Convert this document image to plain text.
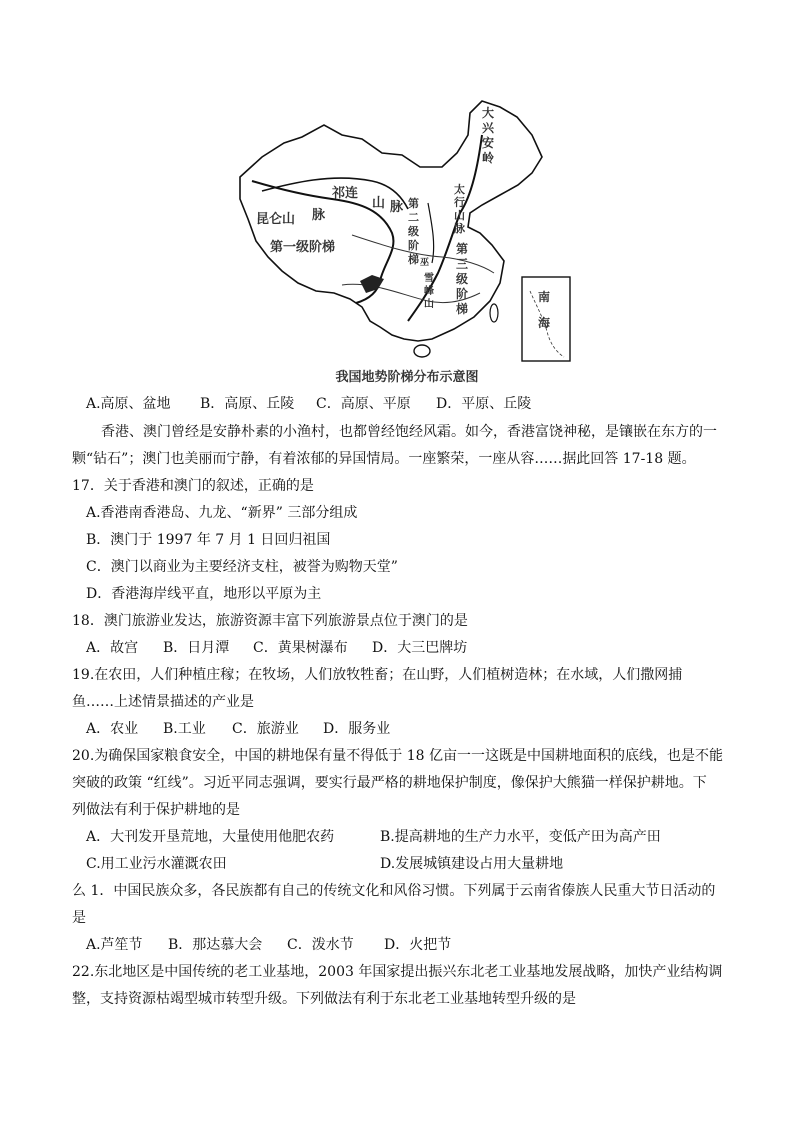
大兴安岭
祁连
山
脉
昆仑山
脉
第一级阶梯
第二级阶梯
太行山脉
第三级阶梯
巫
雪峰山
南海
我国地势阶梯分布示意图
A.高原、盆地 B．高原、丘陵 C．高原、平原 D．平原、丘陵
香港、澳门曾经是安静朴素的小渔村，也都曾经饱经风霜。如今，香港富饶神秘，是镶嵌在东方的一
颗“钻石”；澳门也美丽而宁静，有着浓郁的异国情局。一座繁荣，一座从容……据此回答 17-18 题。
17．关于香港和澳门的叙述，正确的是
A.香港南香港岛、九龙、“新界” 三部分组成
B．澳门于 1997 年 7 月 1 日回归祖国
C．澳门以商业为主要经济支柱，被誉为购物天堂”
D．香港海岸线平直，地形以平原为主
18．澳门旅游业发达，旅游资源丰富下列旅游景点位于澳门的是
A．故宫 B．日月潭 C．黄果树瀑布 D．大三巴牌坊
19.在农田，人们种植庄稼；在牧场，人们放牧牲畜；在山野，人们植树造林；在水域，人们撒网捕
鱼……上述情景描述的产业是
A．农业 B.工业 C．旅游业 D．服务业
20.为确保国家粮食安全，中国的耕地保有量不得低于 18 亿亩一一这既是中国耕地面积的底线，也是不能
突破的政策 “红线”。习近平同志强调，要实行最严格的耕地保护制度，像保护大熊猫一样保护耕地。下
列做法有利于保护耕地的是
A．大刊发开垦荒地，大量使用他肥农药	B.提高耕地的生产力水平，变低产田为高产田
C.用工业污水灌溉农田	D.发展城镇建设占用大量耕地
么 1．中国民族众多，各民族都有自己的传统文化和风俗习惯。下列属于云南省傣族人民重大节日活动的
是
A.芦笙节 B．那达慕大会 C．泼水节 D．火把节
22.东北地区是中国传统的老工业基地，2003 年国家提出振兴东北老工业基地发展战略，加快产业结构调
整，支持资源枯竭型城市转型升级。下列做法有利于东北老工业基地转型升级的是
